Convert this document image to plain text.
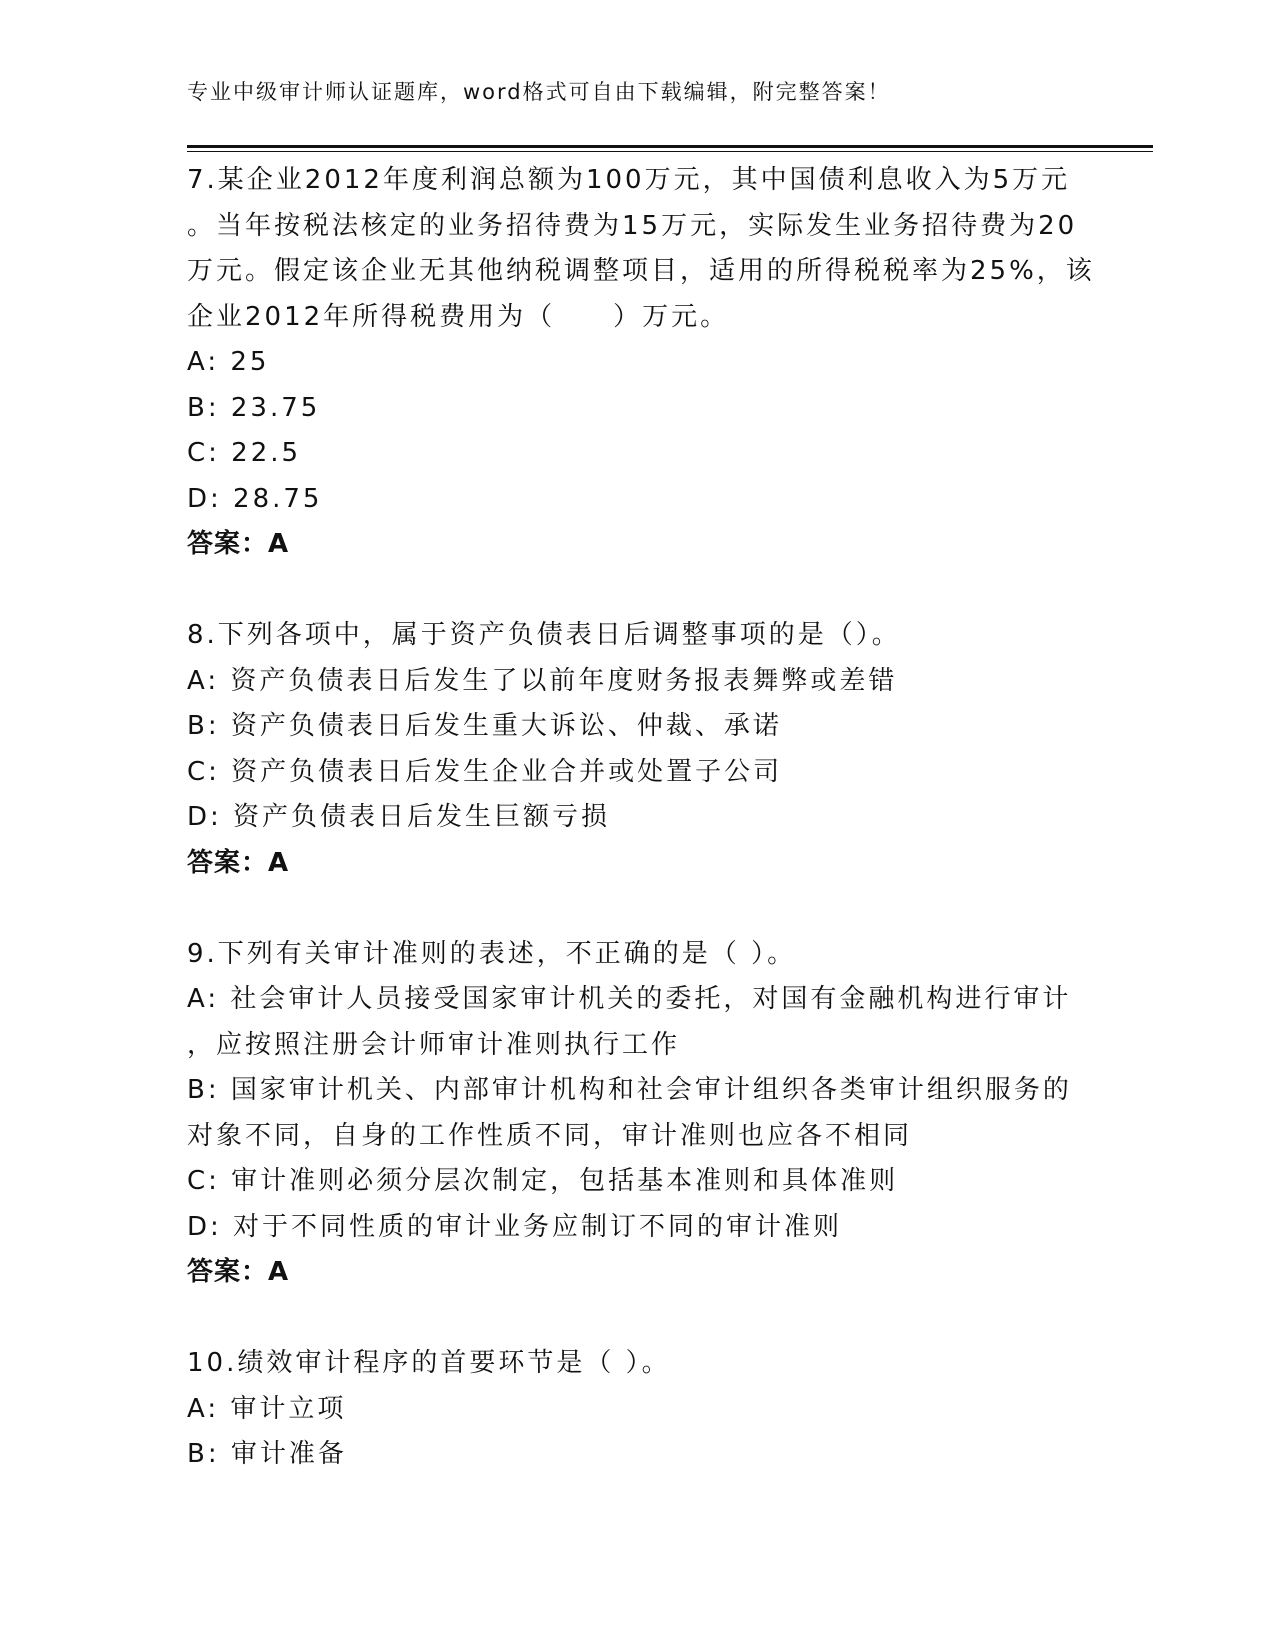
专业中级审计师认证题库，word格式可自由下载编辑，附完整答案！
7.某企业2012年度利润总额为100万元，其中国债利息收入为5万元
。当年按税法核定的业务招待费为15万元，实际发生业务招待费为20
万元。假定该企业无其他纳税调整项目，适用的所得税税率为25%，该
企业2012年所得税费用为（　　）万元。
A: 25
B: 23.75
C: 22.5
D: 28.75
答案：A
8.下列各项中，属于资产负债表日后调整事项的是（）。
A: 资产负债表日后发生了以前年度财务报表舞弊或差错
B: 资产负债表日后发生重大诉讼、仲裁、承诺
C: 资产负债表日后发生企业合并或处置子公司
D: 资产负债表日后发生巨额亏损
答案：A
9.下列有关审计准则的表述，不正确的是（ ）。
A: 社会审计人员接受国家审计机关的委托，对国有金融机构进行审计
，应按照注册会计师审计准则执行工作
B: 国家审计机关、内部审计机构和社会审计组织各类审计组织服务的
对象不同，自身的工作性质不同，审计准则也应各不相同
C: 审计准则必须分层次制定，包括基本准则和具体准则
D: 对于不同性质的审计业务应制订不同的审计准则
答案：A
10.绩效审计程序的首要环节是（ ）。
A: 审计立项
B: 审计准备
